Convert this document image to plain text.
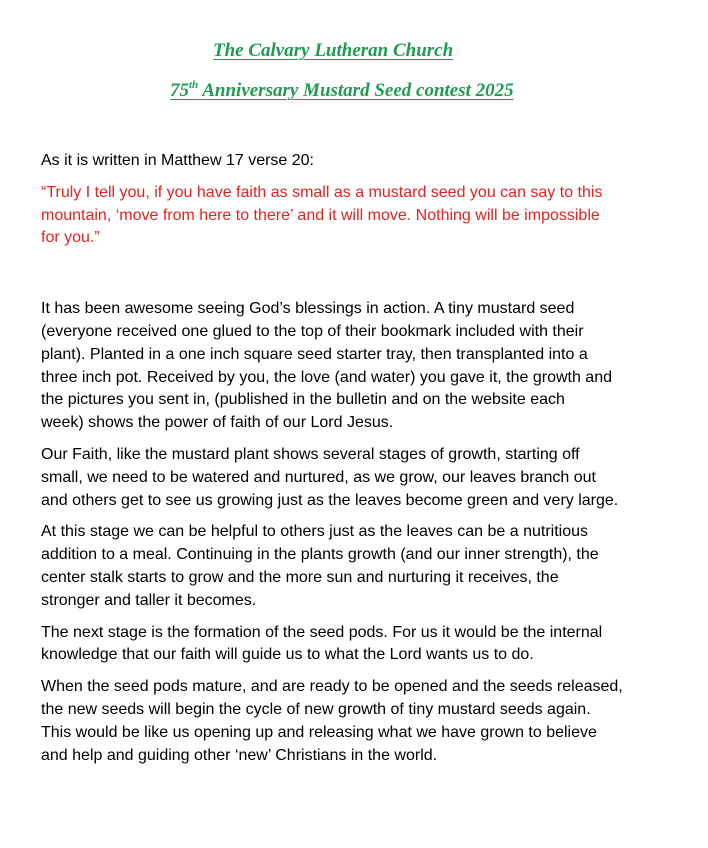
The Calvary Lutheran Church
75th Anniversary Mustard Seed contest 2025

As it is written in Matthew 17 verse 20:

“Truly I tell you, if you have faith as small as a mustard seed you can say to this
mountain, ‘move from here to there’ and it will move. Nothing will be impossible
for you.”

It has been awesome seeing God’s blessings in action. A tiny mustard seed
(everyone received one glued to the top of their bookmark included with their
plant). Planted in a one inch square seed starter tray, then transplanted into a
three inch pot. Received by you, the love (and water) you gave it, the growth and
the pictures you sent in, (published in the bulletin and on the website each
week) shows the power of faith of our Lord Jesus.

Our Faith, like the mustard plant shows several stages of growth, starting off
small, we need to be watered and nurtured, as we grow, our leaves branch out
and others get to see us growing just as the leaves become green and very large.

At this stage we can be helpful to others just as the leaves can be a nutritious
addition to a meal. Continuing in the plants growth (and our inner strength), the
center stalk starts to grow and the more sun and nurturing it receives, the
stronger and taller it becomes.

The next stage is the formation of the seed pods. For us it would be the internal
knowledge that our faith will guide us to what the Lord wants us to do.

When the seed pods mature, and are ready to be opened and the seeds released,
the new seeds will begin the cycle of new growth of tiny mustard seeds again.
This would be like us opening up and releasing what we have grown to believe
and help and guiding other ‘new’ Christians in the world.
